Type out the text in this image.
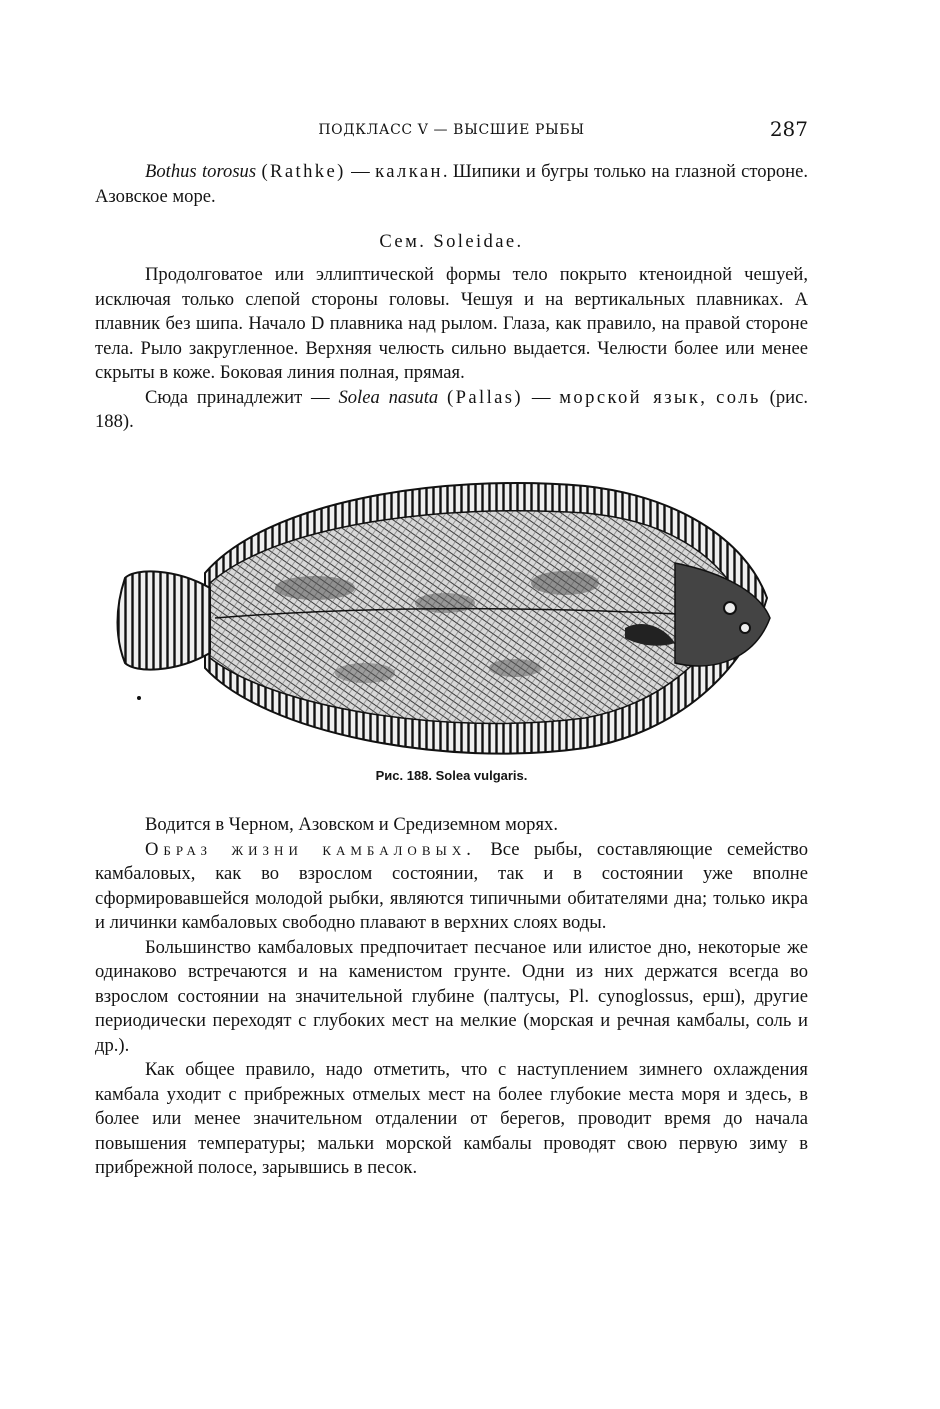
ПОДКЛАСС V — ВЫСШИЕ РЫБЫ	287

Bothus torosus (Rathke) — калкан. Шипики и бугры только на глазной стороне. Азовское море.

Сем. Soleidae.

Продолговатое или эллиптической формы тело покрыто ктеноидной чешуей, исключая только слепой стороны головы. Чешуя и на вертикальных плавниках. A плавник без шипа. Начало D плавника над рылом. Глаза, как правило, на правой стороне тела. Рыло закругленное. Верхняя челюсть сильно выдается. Челюсти более или менее скрыты в коже. Боковая линия полная, прямая.

Сюда принадлежит — Solea nasuta (Pallas) — морской язык, соль (рис. 188).

Рис. 188. Solea vulgaris.

Водится в Черном, Азовском и Средиземном морях.

Образ жизни камбаловых. Все рыбы, составляющие семейство камбаловых, как во взрослом состоянии, так и в состоянии уже вполне сформировавшейся молодой рыбки, являются типичными обитателями дна; только икра и личинки камбаловых свободно плавают в верхних слоях воды.

Большинство камбаловых предпочитает песчаное или илистое дно, некоторые же одинаково встречаются и на каменистом грунте. Одни из них держатся всегда во взрослом состоянии на значительной глубине (палтусы, Pl. cynoglossus, ерш), другие периодически переходят с глубоких мест на мелкие (морская и речная камбалы, соль и др.).

Как общее правило, надо отметить, что с наступлением зимнего охлаждения камбала уходит с прибрежных отмелых мест на более глубокие места моря и здесь, в более или менее значительном отдалении от берегов, проводит время до начала повышения температуры; мальки морской камбалы проводят свою первую зиму в прибрежной полосе, зарывшись в песок.
